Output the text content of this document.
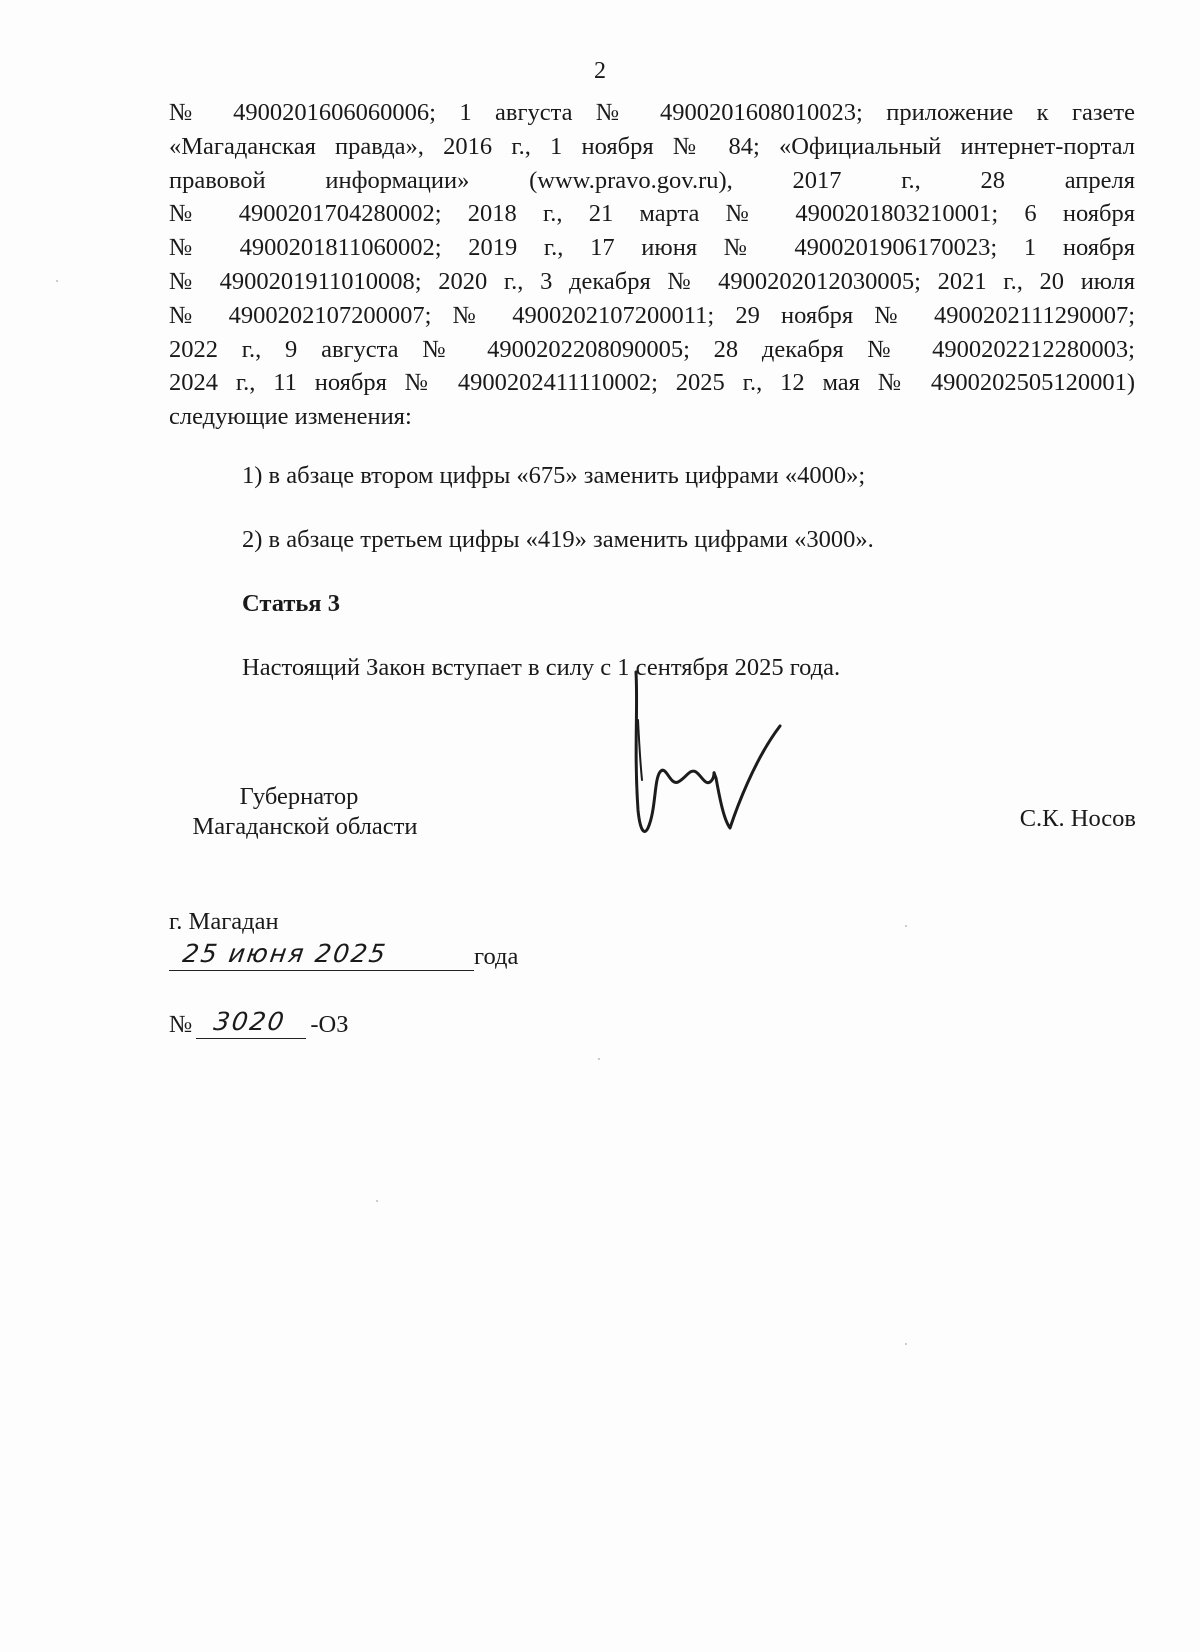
2
№ 4900201606060006; 1 августа № 4900201608010023; приложение к газете
«Магаданская правда», 2016 г., 1 ноября № 84; «Официальный интернет-портал
правовой информации» (www.pravo.gov.ru), 2017 г., 28 апреля
№ 4900201704280002; 2018 г., 21 марта № 4900201803210001; 6 ноября
№ 4900201811060002; 2019 г., 17 июня № 4900201906170023; 1 ноября
№ 4900201911010008; 2020 г., 3 декабря № 4900202012030005; 2021 г., 20 июля
№ 4900202107200007; № 4900202107200011; 29 ноября № 4900202111290007;
2022 г., 9 августа № 4900202208090005; 28 декабря № 4900202212280003;
2024 г., 11 ноября № 4900202411110002; 2025 г., 12 мая № 4900202505120001)
следующие изменения:
1) в абзаце втором цифры «675» заменить цифрами «4000»;
2) в абзаце третьем цифры «419» заменить цифрами «3000».
Статья 3
Настоящий Закон вступает в силу с 1 сентября 2025 года.
Губернатор
Магаданской области	С.К. Носов
г. Магадан
25 июня 2025	года
№ 3020 -ОЗ
